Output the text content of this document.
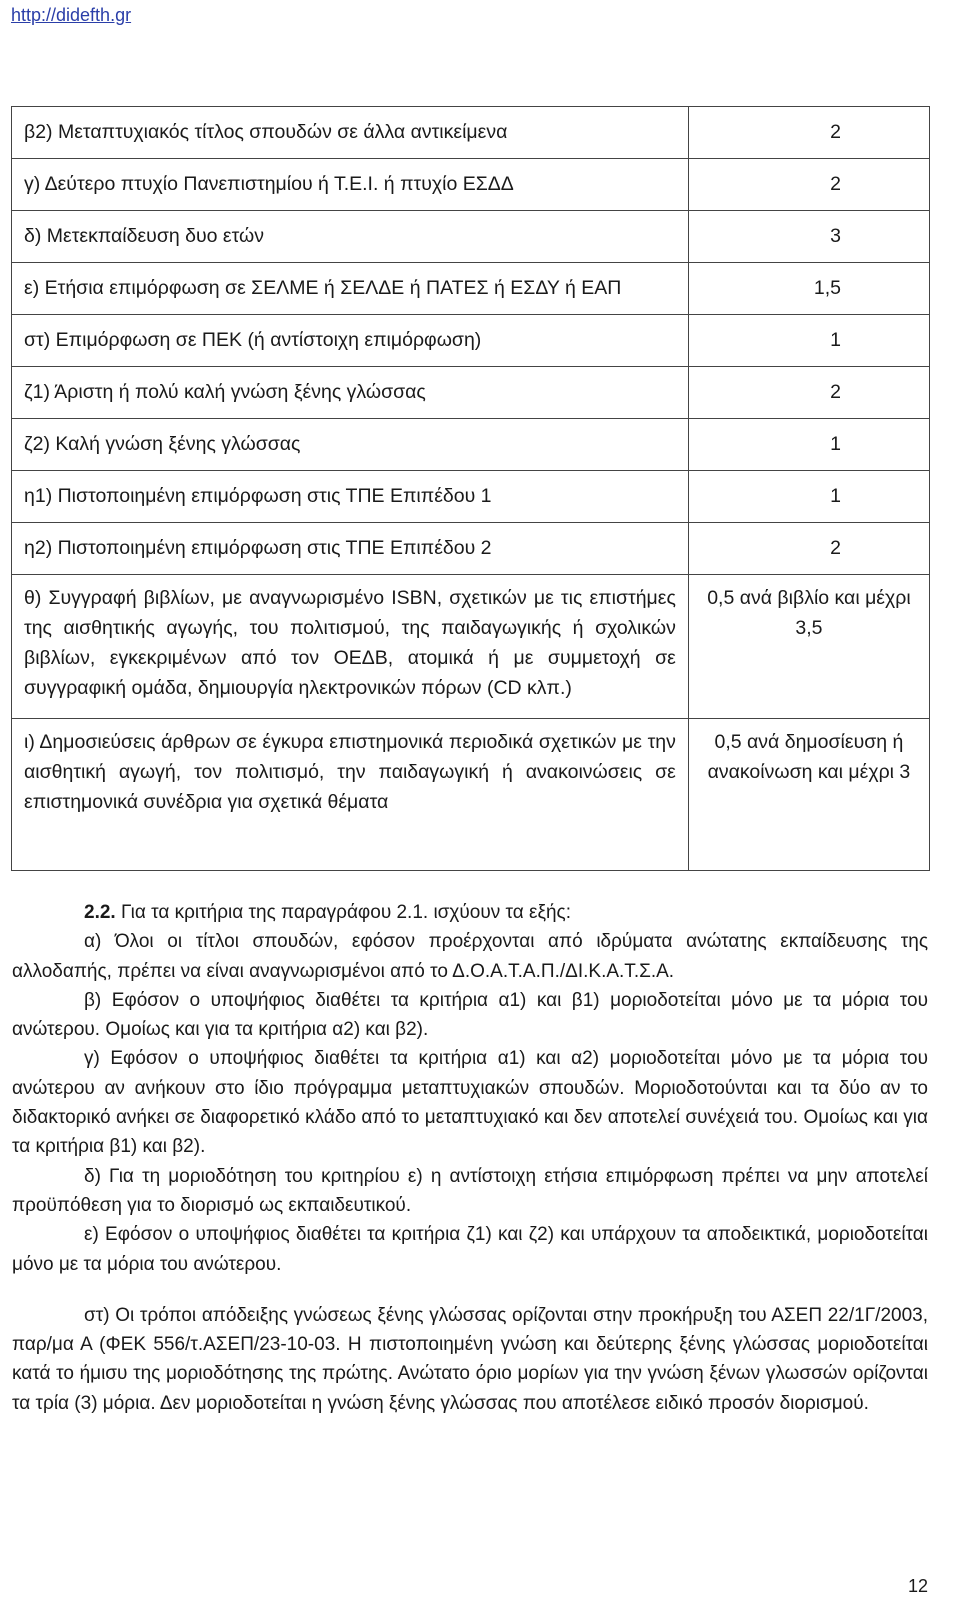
http://didefth.gr
β2) Μεταπτυχιακός τίτλος σπουδών σε άλλα αντικείμενα	2
γ) Δεύτερο πτυχίο Πανεπιστημίου ή Τ.Ε.Ι. ή πτυχίο ΕΣΔΔ	2
δ) Μετεκπαίδευση δυο ετών	3
ε) Ετήσια επιμόρφωση σε ΣΕΛΜΕ ή ΣΕΛΔΕ ή ΠΑΤΕΣ ή ΕΣΔΥ ή ΕΑΠ	1,5
στ) Επιμόρφωση σε ΠΕΚ (ή αντίστοιχη επιμόρφωση)	1
ζ1) Άριστη ή πολύ καλή γνώση ξένης γλώσσας	2
ζ2) Καλή γνώση ξένης γλώσσας	1
η1) Πιστοποιημένη επιμόρφωση στις ΤΠΕ Επιπέδου 1	1
η2) Πιστοποιημένη επιμόρφωση στις ΤΠΕ Επιπέδου 2	2
θ) Συγγραφή βιβλίων, με αναγνωρισμένο ISBN, σχετικών με τις επιστήμες της αισθητικής αγωγής, του πολιτισμού, της παιδαγωγικής ή σχολικών βιβλίων, εγκεκριμένων από τον ΟΕΔΒ, ατομικά ή με συμμετοχή σε συγγραφική ομάδα, δημιουργία ηλεκτρονικών πόρων (CD κλπ.)	0,5 ανά βιβλίο και μέχρι 3,5
ι) Δημοσιεύσεις άρθρων σε έγκυρα επιστημονικά περιοδικά σχετικών με την αισθητική αγωγή, τον πολιτισμό, την παιδαγωγική ή ανακοινώσεις σε επιστημονικά συνέδρια για σχετικά θέματα	0,5 ανά δημοσίευση ή ανακοίνωση και μέχρι 3

2.2. Για τα κριτήρια της παραγράφου 2.1. ισχύουν τα εξής:

α) Όλοι οι τίτλοι σπουδών, εφόσον προέρχονται από ιδρύματα ανώτατης εκπαίδευσης της αλλοδαπής, πρέπει να είναι αναγνωρισμένοι από το Δ.Ο.Α.Τ.Α.Π./ΔΙ.Κ.Α.Τ.Σ.Α.

β) Εφόσον ο υποψήφιος διαθέτει τα κριτήρια α1) και β1) μοριοδοτείται μόνο με τα μόρια του ανώτερου. Ομοίως και για τα κριτήρια α2) και β2).

γ) Εφόσον ο υποψήφιος διαθέτει τα κριτήρια α1) και α2) μοριοδοτείται μόνο με τα μόρια του ανώτερου αν ανήκουν στο ίδιο πρόγραμμα μεταπτυχιακών σπουδών. Μοριοδοτούνται και τα δύο αν το διδακτορικό ανήκει σε διαφορετικό κλάδο από το μεταπτυχιακό και δεν αποτελεί συνέχειά του. Ομοίως και για τα κριτήρια β1) και β2).

δ) Για τη μοριοδότηση του κριτηρίου ε) η αντίστοιχη ετήσια επιμόρφωση πρέπει να μην αποτελεί προϋπόθεση για το διορισμό ως εκπαιδευτικού.

ε) Εφόσον ο υποψήφιος διαθέτει τα κριτήρια ζ1) και ζ2) και υπάρχουν τα αποδεικτικά, μοριοδοτείται μόνο με τα μόρια του ανώτερου.

στ) Οι τρόποι απόδειξης γνώσεως ξένης γλώσσας ορίζονται στην προκήρυξη του ΑΣΕΠ 22/1Γ/2003, παρ/μα Α (ΦΕΚ 556/τ.ΑΣΕΠ/23-10-03. Η πιστοποιημένη γνώση και δεύτερης ξένης γλώσσας μοριοδοτείται κατά το ήμισυ της μοριοδότησης της πρώτης. Ανώτατο όριο μορίων για την γνώση ξένων γλωσσών ορίζονται τα τρία (3) μόρια. Δεν μοριοδοτείται η γνώση ξένης γλώσσας που αποτέλεσε ειδικό προσόν διορισμού.

12
